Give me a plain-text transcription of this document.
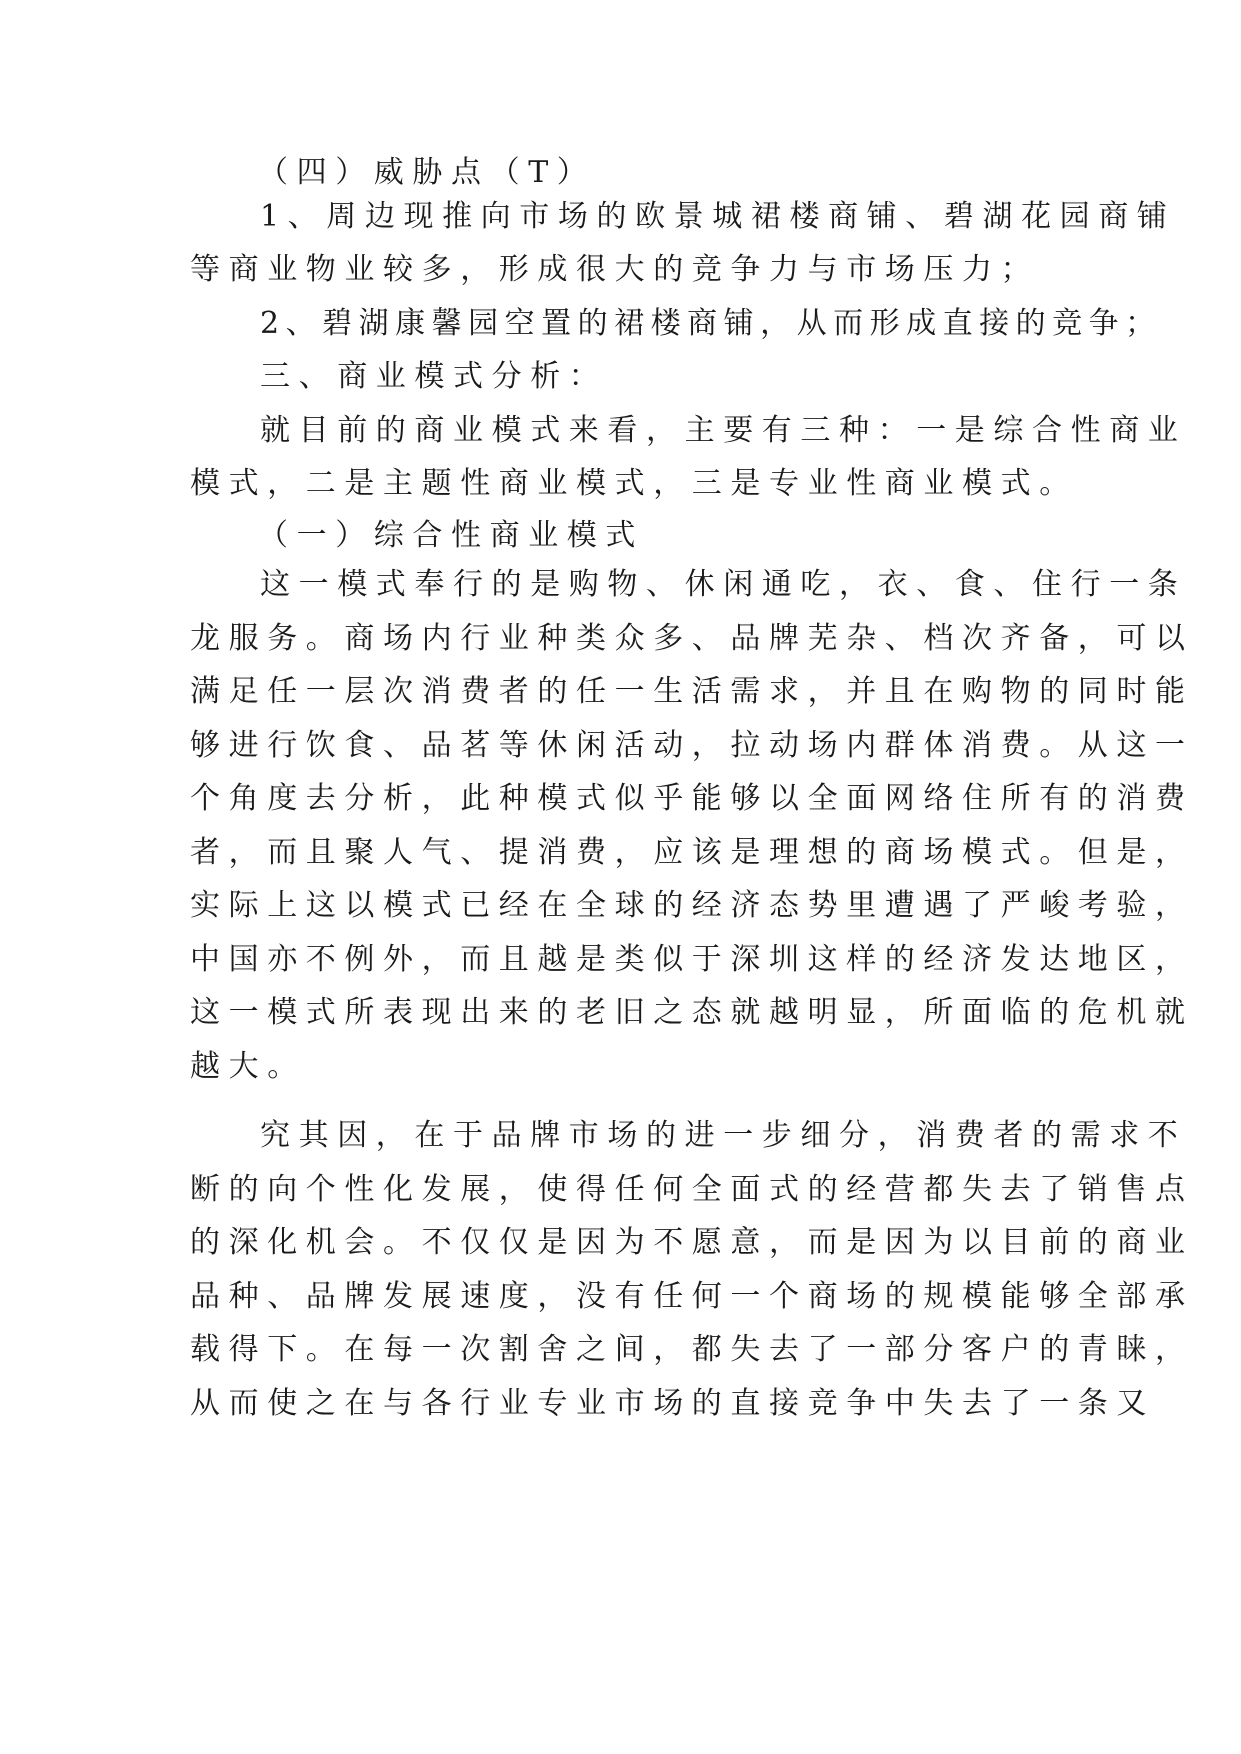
（四）威胁点（T）
1、周边现推向市场的欧景城裙楼商铺、碧湖花园商铺
等商业物业较多，形成很大的竞争力与市场压力；
2、碧湖康馨园空置的裙楼商铺，从而形成直接的竞争；
三、商业模式分析：
就目前的商业模式来看，主要有三种：一是综合性商业
模式，二是主题性商业模式，三是专业性商业模式。
（一）综合性商业模式
这一模式奉行的是购物、休闲通吃，衣、食、住行一条
龙服务。商场内行业种类众多、品牌芜杂、档次齐备，可以
满足任一层次消费者的任一生活需求，并且在购物的同时能
够进行饮食、品茗等休闲活动，拉动场内群体消费。从这一
个角度去分析，此种模式似乎能够以全面网络住所有的消费
者，而且聚人气、提消费，应该是理想的商场模式。但是，
实际上这以模式已经在全球的经济态势里遭遇了严峻考验，
中国亦不例外，而且越是类似于深圳这样的经济发达地区，
这一模式所表现出来的老旧之态就越明显，所面临的危机就
越大。
究其因，在于品牌市场的进一步细分，消费者的需求不
断的向个性化发展，使得任何全面式的经营都失去了销售点
的深化机会。不仅仅是因为不愿意，而是因为以目前的商业
品种、品牌发展速度，没有任何一个商场的规模能够全部承
载得下。在每一次割舍之间，都失去了一部分客户的青睐，
从而使之在与各行业专业市场的直接竞争中失去了一条又
